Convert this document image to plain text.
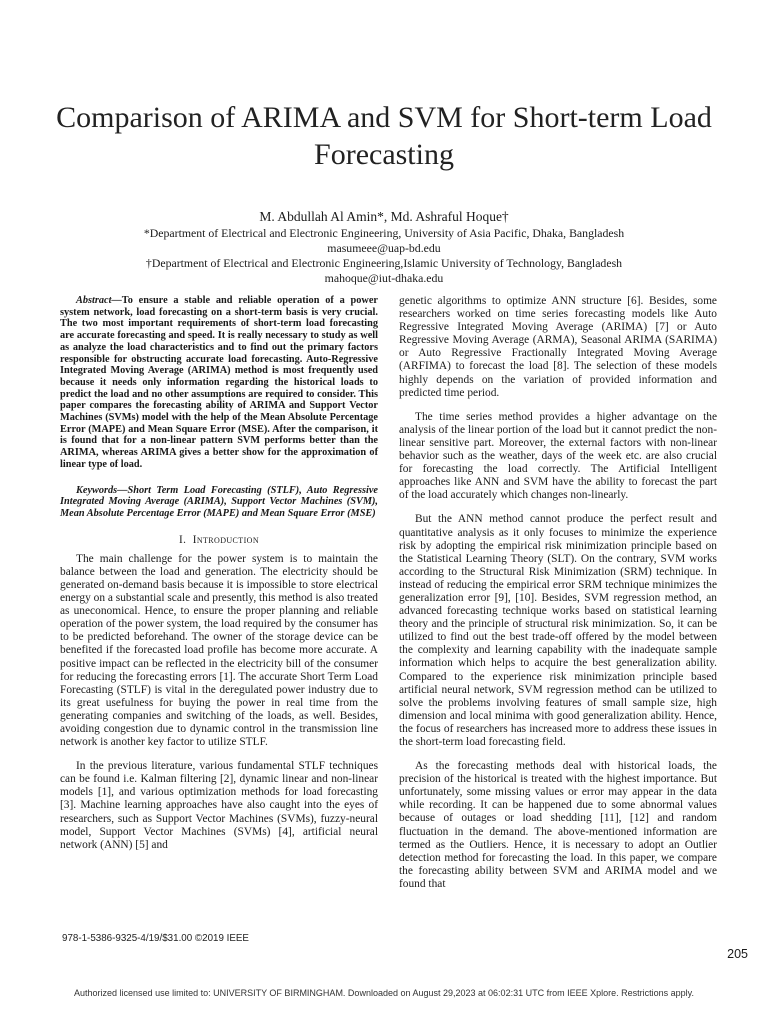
Comparison of ARIMA and SVM for Short-term Load Forecasting
M. Abdullah Al Amin*, Md. Ashraful Hoque†
*Department of Electrical and Electronic Engineering, University of Asia Pacific, Dhaka, Bangladesh
masumeee@uap-bd.edu
†Department of Electrical and Electronic Engineering,Islamic University of Technology, Bangladesh
mahoque@iut-dhaka.edu

Abstract—To ensure a stable and reliable operation of a power system network, load forecasting on a short-term basis is very crucial. The two most important requirements of short-term load forecasting are accurate forecasting and speed. It is really necessary to study as well as analyze the load characteristics and to find out the primary factors responsible for obstructing accurate load forecasting. Auto-Regressive Integrated Moving Average (ARIMA) method is most frequently used because it needs only information regarding the historical loads to predict the load and no other assumptions are required to consider. This paper compares the forecasting ability of ARIMA and Support Vector Machines (SVMs) model with the help of the Mean Absolute Percentage Error (MAPE) and Mean Square Error (MSE). After the comparison, it is found that for a non-linear pattern SVM performs better than the ARIMA, whereas ARIMA gives a better show for the approximation of linear type of load.

Keywords—Short Term Load Forecasting (STLF), Auto Regressive Integrated Moving Average (ARIMA), Support Vector Machines (SVM), Mean Absolute Percentage Error (MAPE) and Mean Square Error (MSE)

I. Introduction

The main challenge for the power system is to maintain the balance between the load and generation. The electricity should be generated on-demand basis because it is impossible to store electrical energy on a substantial scale and presently, this method is also treated as uneconomical. Hence, to ensure the proper planning and reliable operation of the power system, the load required by the consumer has to be predicted beforehand. The owner of the storage device can be benefited if the forecasted load profile has become more accurate. A positive impact can be reflected in the electricity bill of the consumer for reducing the forecasting errors [1]. The accurate Short Term Load Forecasting (STLF) is vital in the deregulated power industry due to its great usefulness for buying the power in real time from the generating companies and switching of the loads, as well. Besides, avoiding congestion due to dynamic control in the transmission line network is another key factor to utilize STLF.

In the previous literature, various fundamental STLF techniques can be found i.e. Kalman filtering [2], dynamic linear and non-linear models [1], and various optimization methods for load forecasting [3]. Machine learning approaches have also caught into the eyes of researchers, such as Support Vector Machines (SVMs), fuzzy-neural model, Support Vector Machines (SVMs) [4], artificial neural network (ANN) [5] and

genetic algorithms to optimize ANN structure [6]. Besides, some researchers worked on time series forecasting models like Auto Regressive Integrated Moving Average (ARIMA) [7] or Auto Regressive Moving Average (ARMA), Seasonal ARIMA (SARIMA) or Auto Regressive Fractionally Integrated Moving Average (ARFIMA) to forecast the load [8]. The selection of these models highly depends on the variation of provided information and predicted time period.

The time series method provides a higher advantage on the analysis of the linear portion of the load but it cannot predict the non-linear sensitive part. Moreover, the external factors with non-linear behavior such as the weather, days of the week etc. are also crucial for forecasting the load correctly. The Artificial Intelligent approaches like ANN and SVM have the ability to forecast the part of the load accurately which changes non-linearly.

But the ANN method cannot produce the perfect result and quantitative analysis as it only focuses to minimize the experience risk by adopting the empirical risk minimization principle based on the Statistical Learning Theory (SLT). On the contrary, SVM works according to the Structural Risk Minimization (SRM) technique. In instead of reducing the empirical error SRM technique minimizes the generalization error [9], [10]. Besides, SVM regression method, an advanced forecasting technique works based on statistical learning theory and the principle of structural risk minimization. So, it can be utilized to find out the best trade-off offered by the model between the complexity and learning capability with the inadequate sample information which helps to acquire the best generalization ability. Compared to the experience risk minimization principle based artificial neural network, SVM regression method can be utilized to solve the problems involving features of small sample size, high dimension and local minima with good generalization ability. Hence, the focus of researchers has increased more to address these issues in the short-term load forecasting field.

As the forecasting methods deal with historical loads, the precision of the historical is treated with the highest importance. But unfortunately, some missing values or error may appear in the data while recording. It can be happened due to some abnormal values because of outages or load shedding [11], [12] and random fluctuation in the demand. The above-mentioned information are termed as the Outliers. Hence, it is necessary to adopt an Outlier detection method for forecasting the load. In this paper, we compare the forecasting ability between SVM and ARIMA model and we found that

978-1-5386-9325-4/19/$31.00 ©2019 IEEE
205
Authorized licensed use limited to: UNIVERSITY OF BIRMINGHAM. Downloaded on August 29,2023 at 06:02:31 UTC from IEEE Xplore. Restrictions apply.
